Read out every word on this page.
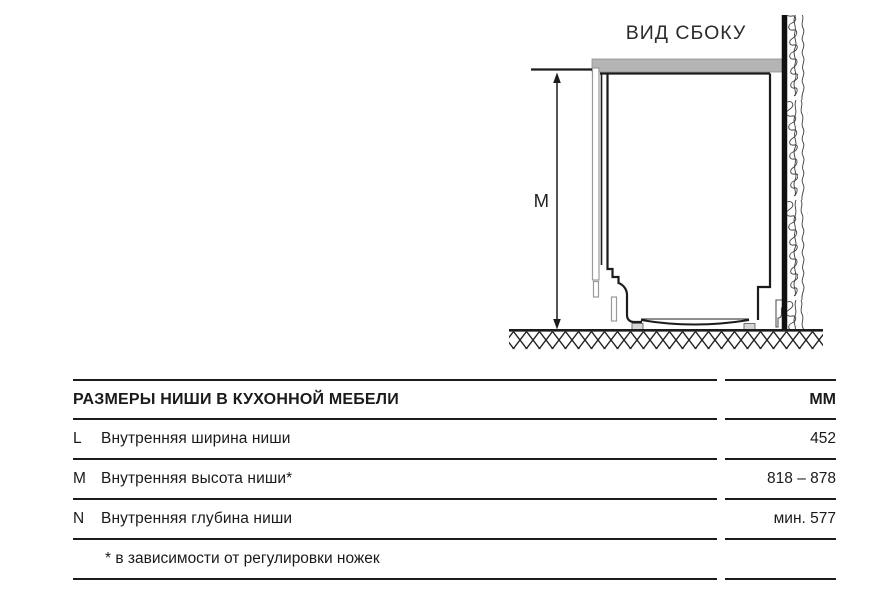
ВИД СБОКУ
M
РАЗМЕРЫ НИШИ В КУХОННОЙ МЕБЕЛИ	ММ
L	Внутренняя ширина ниши	452
M Внутренняя высота ниши*	818 – 878
N	Внутренняя глубина ниши	мин. 577
* в зависимости от регулировки ножек
